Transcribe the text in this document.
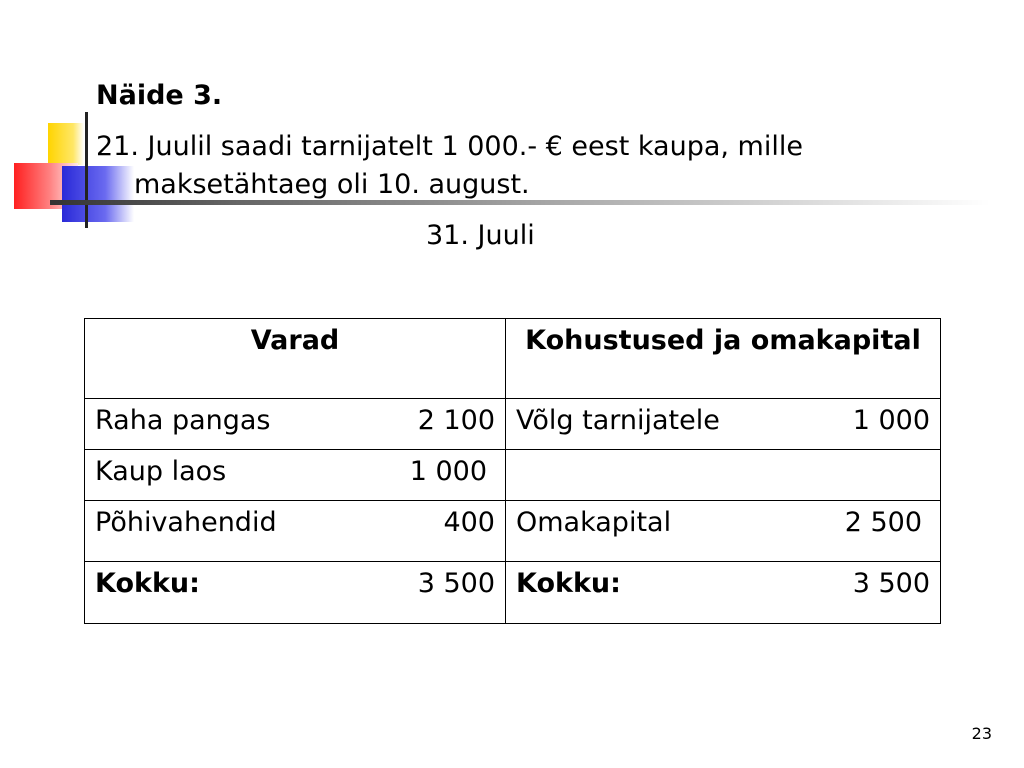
Näide 3.

21. Juulil saadi tarnijatelt 1 000.- € eest kaupa, mille
maksetähtaeg oli 10. august.

31. Juuli

Varad	Kohustused ja omakapital

Raha pangas 2 100	Võlg tarnijatele 1 000

Kaup laos 1 000	

Põhivahendid 400	Omakapital 2 500

Kokku: 3 500	Kokku: 3 500
23
